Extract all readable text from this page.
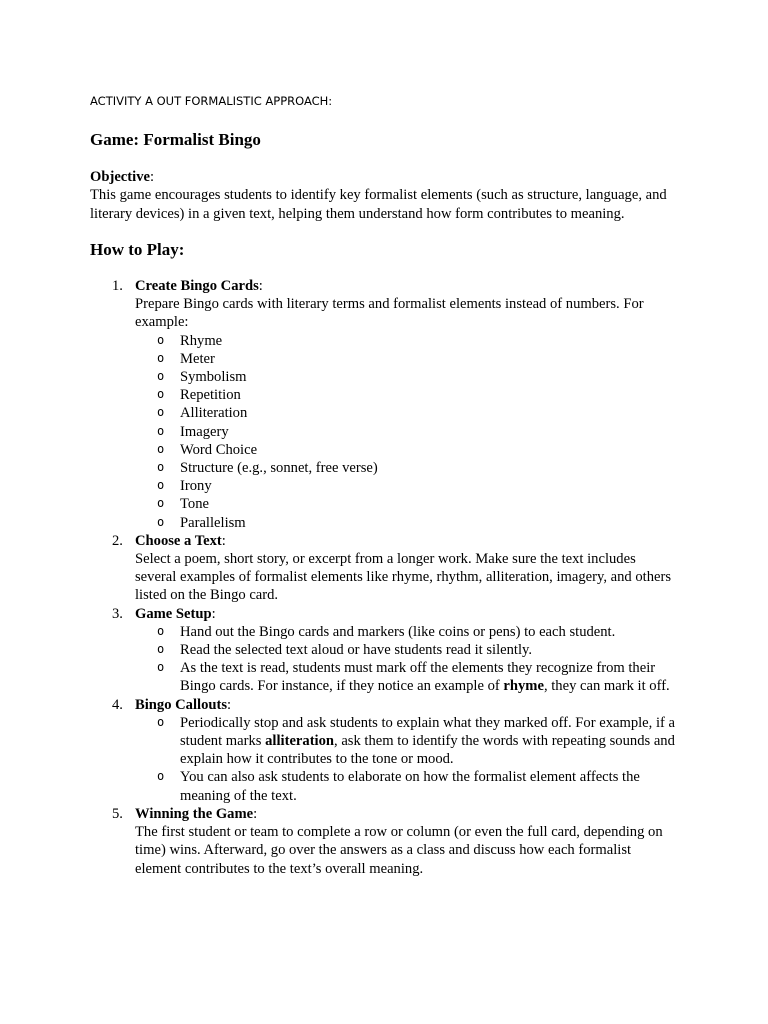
ACTIVITY A OUT FORMALISTIC APPROACH:
Game: Formalist Bingo
Objective:
This game encourages students to identify key formalist elements (such as structure, language, and literary devices) in a given text, helping them understand how form contributes to meaning.
How to Play:
1. Create Bingo Cards:
Prepare Bingo cards with literary terms and formalist elements instead of numbers. For example:
o Rhyme
o Meter
o Symbolism
o Repetition
o Alliteration
o Imagery
o Word Choice
o Structure (e.g., sonnet, free verse)
o Irony
o Tone
o Parallelism
2. Choose a Text:
Select a poem, short story, or excerpt from a longer work. Make sure the text includes several examples of formalist elements like rhyme, rhythm, alliteration, imagery, and others listed on the Bingo card.
3. Game Setup:
o Hand out the Bingo cards and markers (like coins or pens) to each student.
o Read the selected text aloud or have students read it silently.
o As the text is read, students must mark off the elements they recognize from their Bingo cards. For instance, if they notice an example of rhyme, they can mark it off.
4. Bingo Callouts:
o Periodically stop and ask students to explain what they marked off. For example, if a student marks alliteration, ask them to identify the words with repeating sounds and explain how it contributes to the tone or mood.
o You can also ask students to elaborate on how the formalist element affects the meaning of the text.
5. Winning the Game:
The first student or team to complete a row or column (or even the full card, depending on time) wins. Afterward, go over the answers as a class and discuss how each formalist element contributes to the text’s overall meaning.
